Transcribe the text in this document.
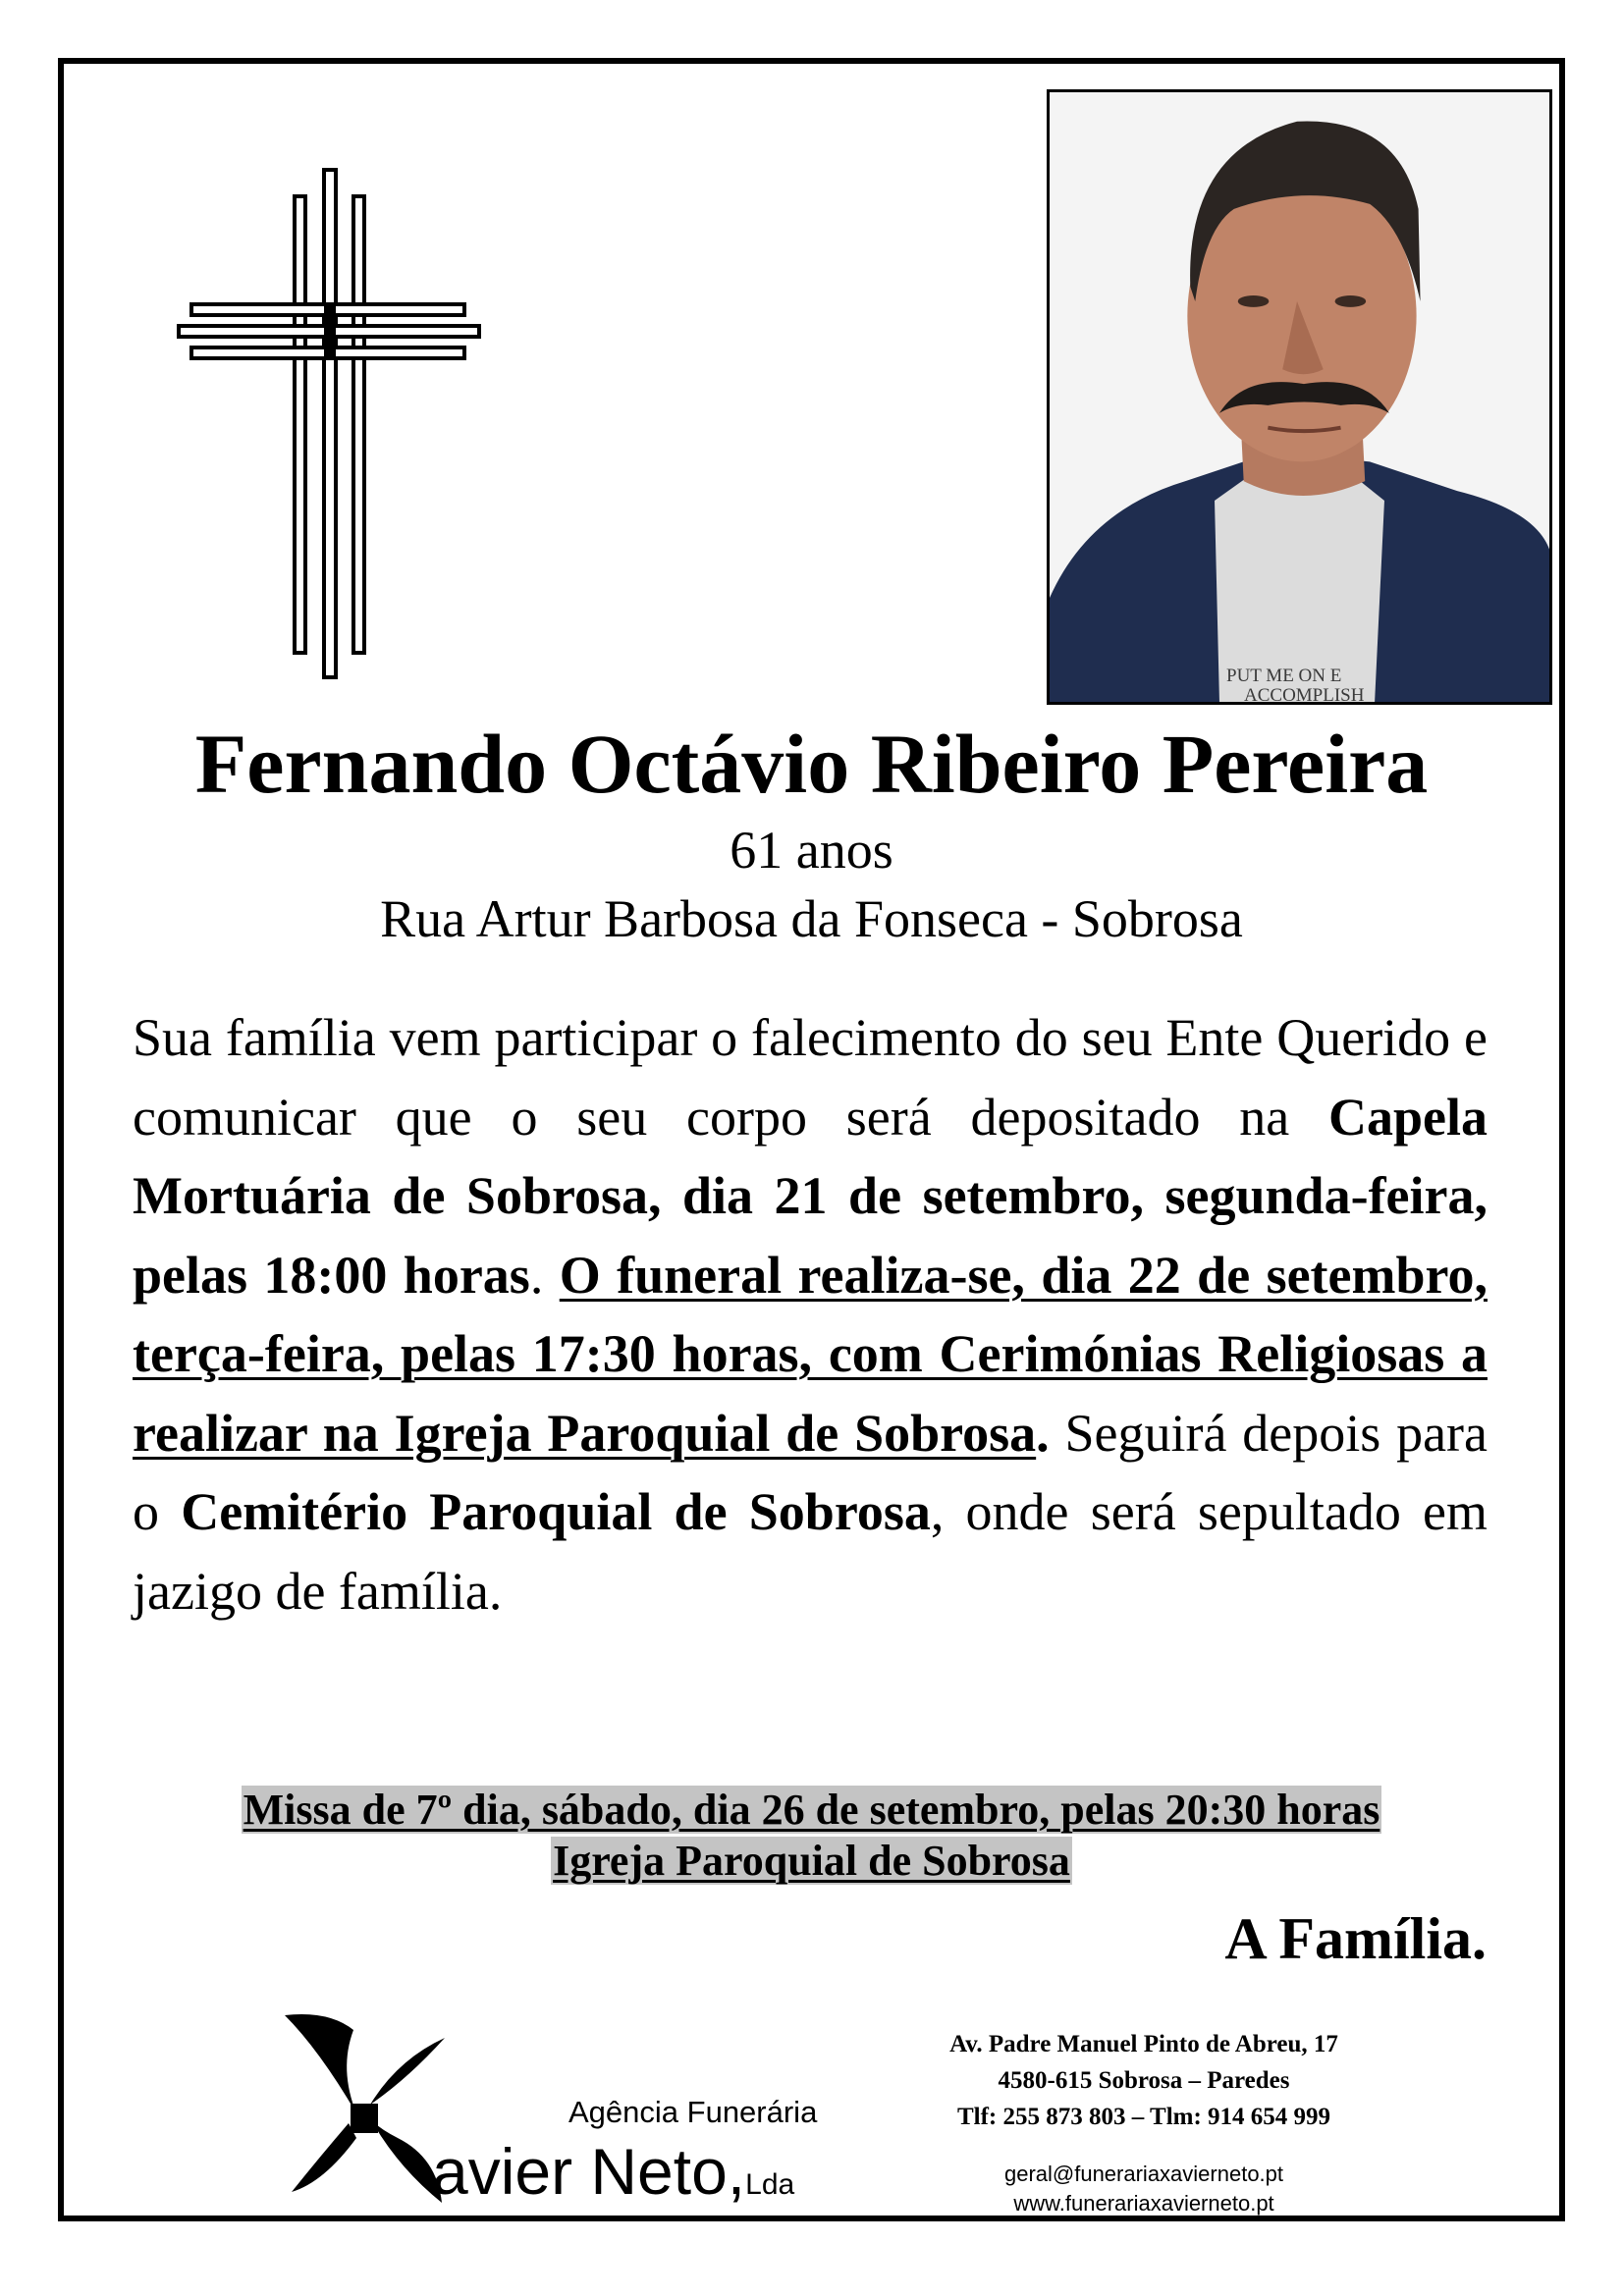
PUT ME ON E
ACCOMPLISH
Fernando Octávio Ribeiro Pereira
61 anos
Rua Artur Barbosa da Fonseca - Sobrosa
Sua família vem participar o falecimento do seu Ente Querido e comunicar que o seu corpo será depositado na Capela Mortuária de Sobrosa, dia 21 de setembro, segunda-feira, pelas 18:00 horas. O funeral realiza-se, dia 22 de setembro, terça-feira, pelas 17:30 horas, com Cerimónias Religiosas a realizar na Igreja Paroquial de Sobrosa. Seguirá depois para o Cemitério Paroquial de Sobrosa, onde será sepultado em jazigo de família.
Missa de 7º dia, sábado, dia 26 de setembro, pelas 20:30 horas
Igreja Paroquial de Sobrosa
A Família.
Agência Funerária
avier Neto,Lda
Av. Padre Manuel Pinto de Abreu, 17
4580-615 Sobrosa – Paredes
Tlf: 255 873 803 – Tlm: 914 654 999
geral@funerariaxavierneto.pt
www.funerariaxavierneto.pt
